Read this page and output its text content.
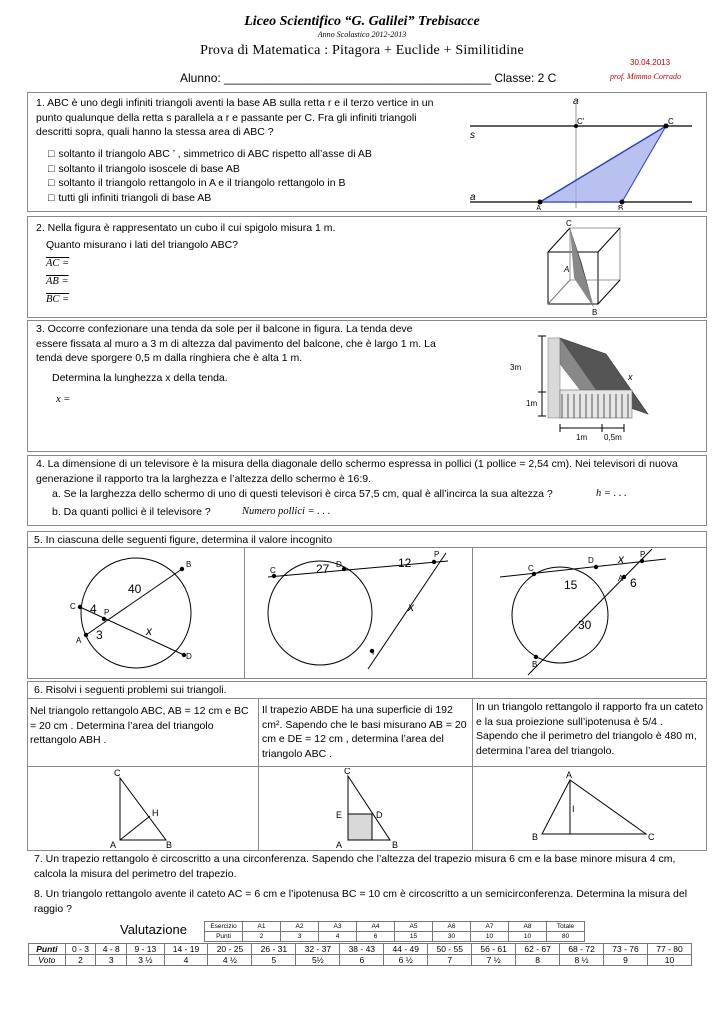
Liceo Scientifico “G. Galilei” Trebisacce
Anno Scolastico 2012-2013
Prova di Matematica : Pitagora + Euclide + Similitidine
30.04.2013
prof. Mimmo Corrado
Alunno: ________________________________________ Classe: 2 C
1. ABC è uno degli infiniti triangoli aventi la base AB sulla retta r e il terzo vertice in un punto qualunque della retta s parallela a r e passante per C. Fra gli infiniti triangoli descritti sopra, quali hanno la stessa area di ABC ?
□ soltanto il triangolo ABC ’ , simmetrico di ABC rispetto all’asse di AB
□ soltanto il triangolo isoscele di base AB
□ soltanto il triangolo rettangolo in A e il triangolo rettangolo in B
□ tutti gli infiniti triangoli di base AB
a
s
a
C'	C
A	B
2. Nella figura è rappresentato un cubo il cui spigolo misura 1 m.
Quanto misurano i lati del triangolo ABC?
AC =
AB =
BC =
C
A
B
3. Occorre confezionare una tenda da sole per il balcone in figura. La tenda deve essere fissata al muro a 3 m di altezza dal pavimento del balcone, che è largo 1 m. La tenda deve sporgere 0,5 m dalla ringhiera che è alta 1 m.
Determina la lunghezza x della tenda.
x =
3m
1m
1m 0,5m
x
4. La dimensione di un televisore è la misura della diagonale dello schermo espressa in pollici (1 pollice = 2,54 cm). Nei televisori di nuova generazione il rapporto tra la larghezza e l’altezza dello schermo è 16:9.
a. Se la larghezza dello schermo di uno di questi televisori è circa 57,5 cm, qual è all’incirca la sua altezza ?	h = . . .
b. Da quanti pollici è il televisore ?	Numero pollici = . . .
5. In ciascuna delle seguenti figure, determina il valore incognito
B
C
P
A
D
40
4
3	x
C
D
P
I
27	12
x
C
D
P
A
B
15	6
30
x
6. Risolvi i seguenti problemi sui triangoli.
Nel triangolo rettangolo ABC, AB = 12 cm e BC = 20 cm . Determina l’area del triangolo rettangolo ABH .
Il trapezio ABDE ha una superficie di 192 cm². Sapendo che le basi misurano AB = 20 cm e DE = 12 cm , determina l’area del triangolo ABC .
In un triangolo rettangolo il rapporto fra un cateto e la sua proiezione sull’ipotenusa è 5/4 . Sapendo che il perimetro del triangolo è 480 m, determina l’area del triangolo.
C
H
A	B
C
E	D
A	B
A
B
I
C
7. Un trapezio rettangolo è circoscritto a una circonferenza. Sapendo che l’altezza del trapezio misura 6 cm e la base minore misura 4 cm, calcola la misura del perimetro del trapezio.
8. Un triangolo rettangolo avente il cateto AC = 6 cm e l’ipotenusa BC = 10 cm è circoscritto a un semicirconferenza. Determina la misura del raggio ?
Valutazione	Esercizio	A1	A2	A3	A4	A5	A6	A7	A8	Totale
Punti	2	3	4	6	15	30	10	10	80
Punti	0 - 3	4 - 8	9 - 13	14 - 19	20 - 25	26 - 31	32 - 37	38 - 43	44 - 49	50 - 55	56 - 61	62 - 67	68 - 72	73 - 76	77 - 80
Voto	2	3	3 ½	4	4 ½	5	5½	6	6 ½	7	7 ½	8	8 ½	9	10
